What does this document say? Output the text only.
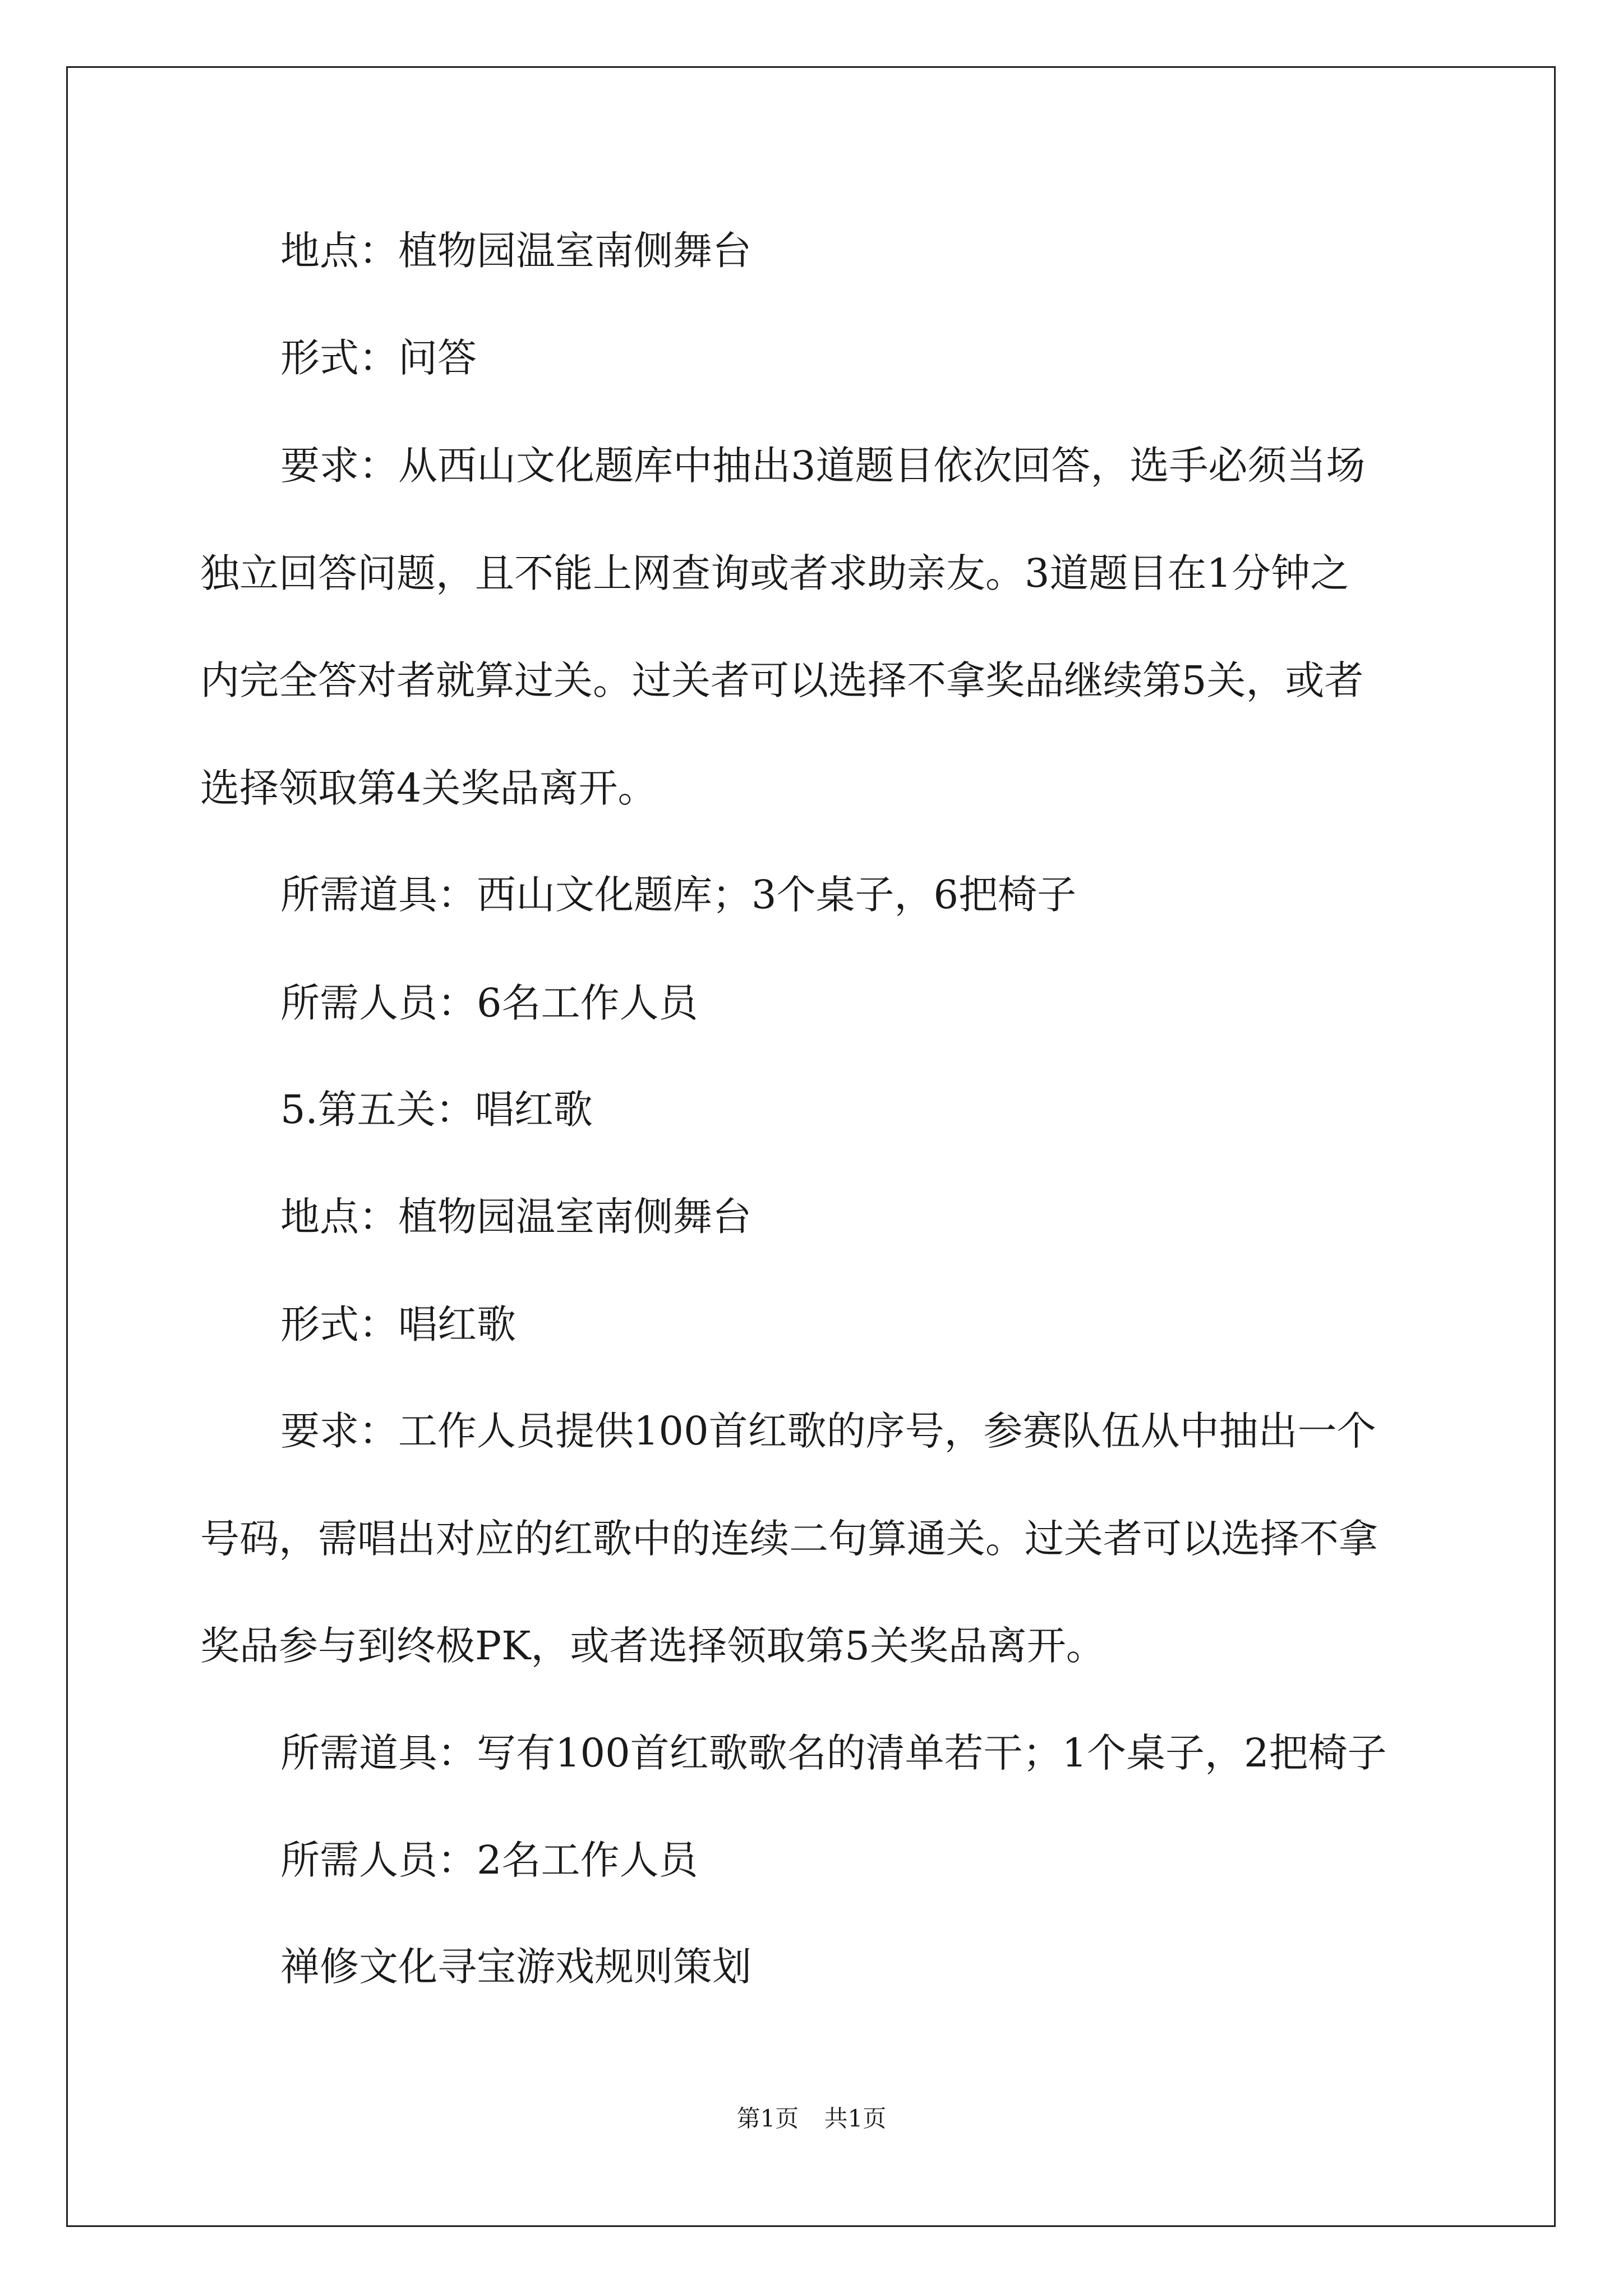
地点：植物园温室南侧舞台

形式：问答

要求：从西山文化题库中抽出3道题目依次回答，选手必须当场

独立回答问题，且不能上网查询或者求助亲友。3道题目在1分钟之

内完全答对者就算过关。过关者可以选择不拿奖品继续第5关，或者

选择领取第4关奖品离开。

所需道具：西山文化题库；3个桌子，6把椅子

所需人员：6名工作人员

5.第五关：唱红歌

地点：植物园温室南侧舞台

形式：唱红歌

要求：工作人员提供100首红歌的序号，参赛队伍从中抽出一个

号码，需唱出对应的红歌中的连续二句算通关。过关者可以选择不拿

奖品参与到终极PK，或者选择领取第5关奖品离开。

所需道具：写有100首红歌歌名的清单若干；1个桌子，2把椅子

所需人员：2名工作人员

禅修文化寻宝游戏规则策划

第1页 共1页
